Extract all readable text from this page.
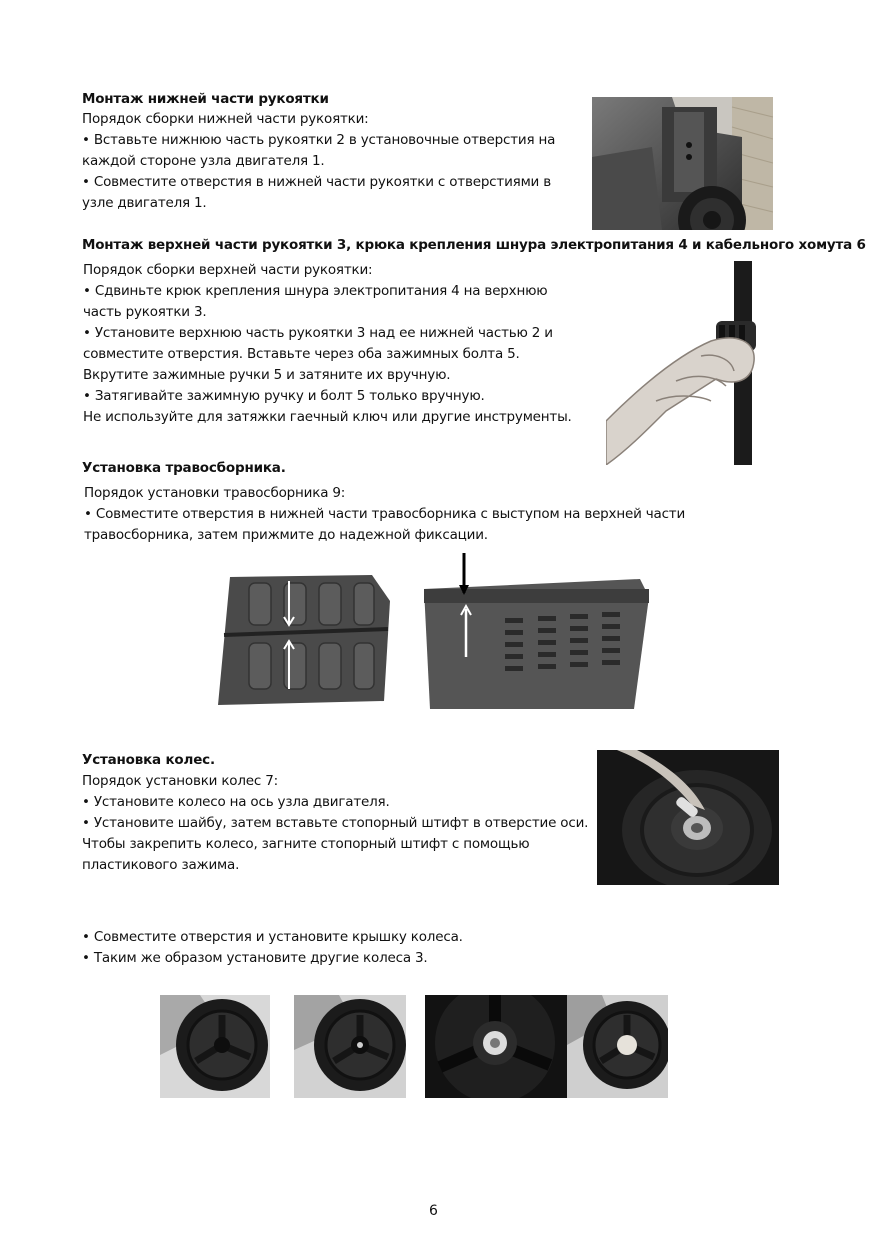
Монтаж нижней части рукоятки
Порядок сборки нижней части рукоятки:
• Вставьте нижнюю часть рукоятки 2 в установочные отверстия на
каждой стороне узла двигателя 1.
• Совместите отверстия в нижней части рукоятки с отверстиями в
узле двигателя 1.
Монтаж верхней части рукоятки 3, крюка крепления шнура электропитания 4 и кабельного хомута 6
Порядок сборки верхней части рукоятки:
• Сдвиньте крюк крепления шнура электропитания 4 на верхнюю
часть рукоятки 3.
• Установите верхнюю часть рукоятки 3 над ее нижней частью 2 и
совместите отверстия. Вставьте через оба зажимных болта 5.
Вкрутите зажимные ручки 5 и затяните их вручную.
• Затягивайте зажимную ручку и болт 5 только вручную.
Не используйте для затяжки гаечный ключ или другие инструменты.
Установка травосборника.
Порядок установки травосборника 9:
• Совместите отверстия в нижней части травосборника с выступом на верхней части
травосборника, затем прижмите до надежной фиксации.
Установка колес.
Порядок установки колес 7:
• Установите колесо на ось узла двигателя.
• Установите шайбу, затем вставьте стопорный штифт в отверстие оси.
Чтобы закрепить колесо, загните стопорный штифт с помощью
пластикового зажима.
• Совместите отверстия и установите крышку колеса.
• Таким же образом установите другие колеса 3.
6
